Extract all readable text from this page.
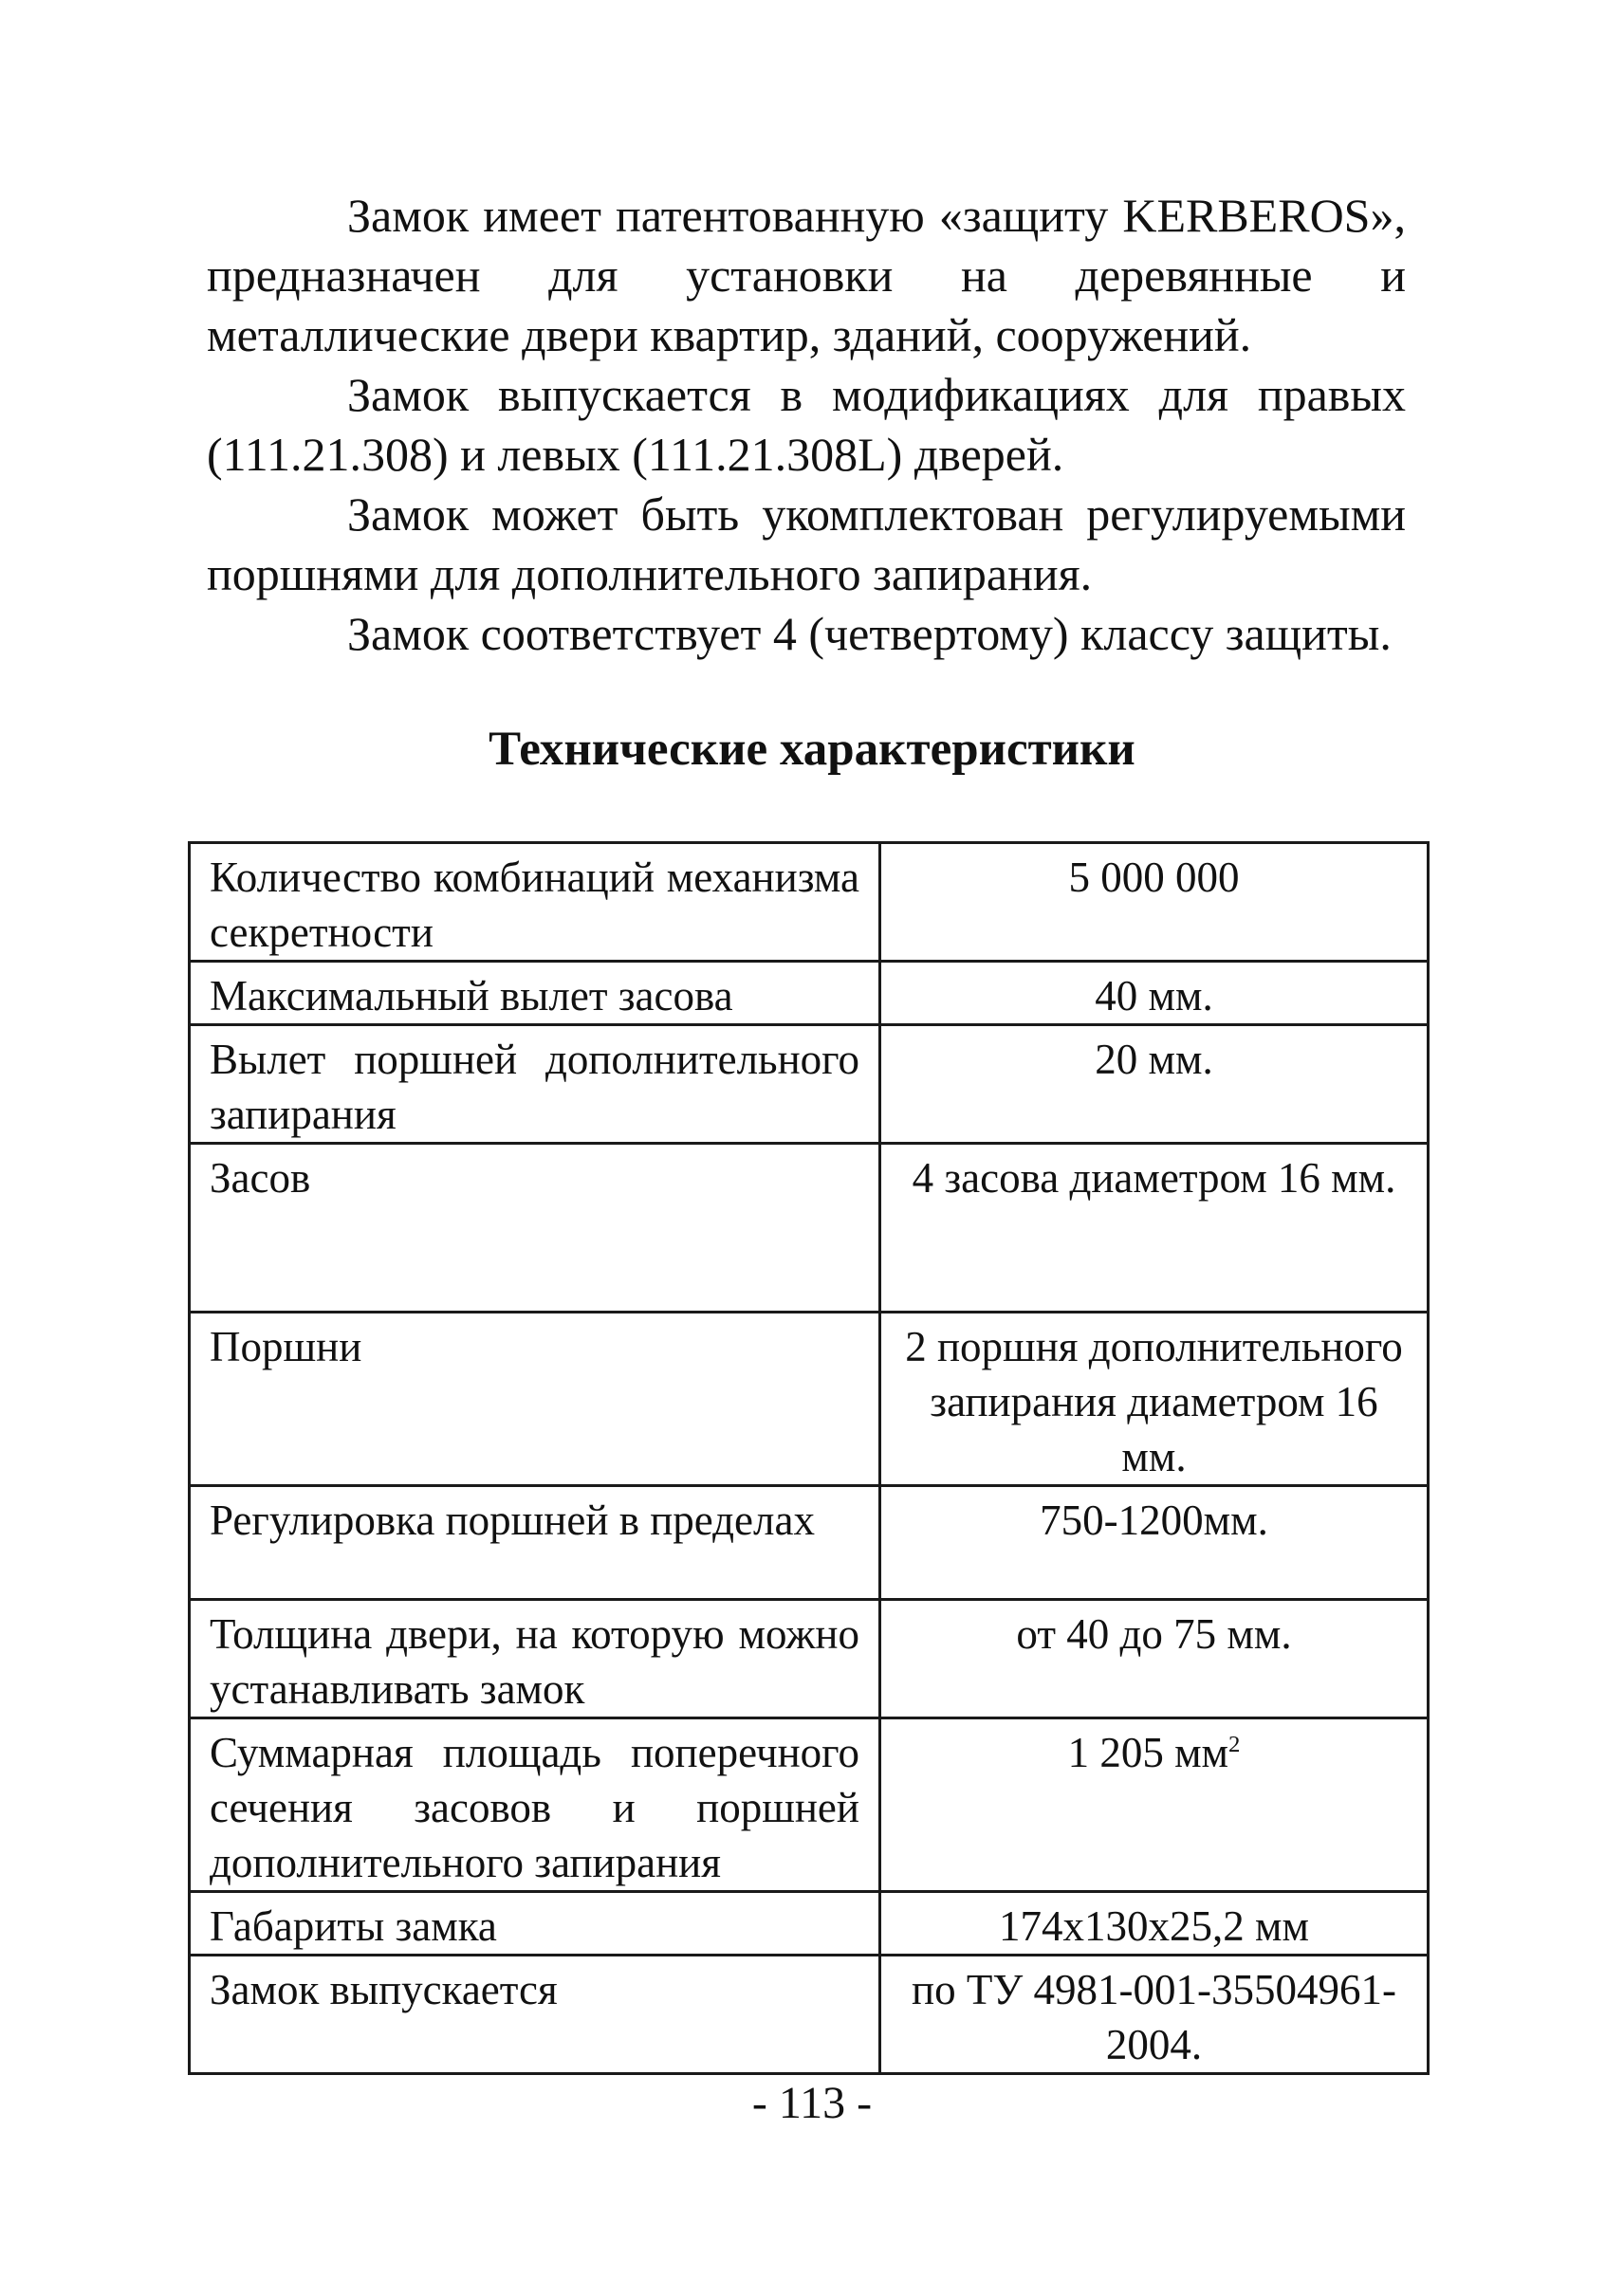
Замок имеет патентованную «защиту KERBEROS», предназначен для установки на деревянные и металлические двери квартир, зданий, сооружений.

Замок выпускается в модификациях для правых (111.21.308) и левых (111.21.308L) дверей.

Замок может быть укомплектован регулируемыми поршнями для дополнительного запирания.

Замок соответствует 4 (четвертому) классу защиты.

Технические характеристики
Количество комбинаций механизма секретности	5 000 000
Максимальный вылет засова	40 мм.
Вылет поршней дополнительного запирания	20 мм.
Засов	4 засова диаметром 16 мм.
Поршни	2 поршня дополнительного запирания диаметром 16 мм.
Регулировка поршней в пределах	750-1200мм.
Толщина двери, на которую можно устанавливать замок	от 40 до 75 мм.
Суммарная площадь поперечного сечения засовов и поршней дополнительного запирания	1 205 $мм^2$
Габариты замка	174x130x25,2 мм
Замок выпускается	по ТУ 4981-001-35504961-2004.
- 113 -
